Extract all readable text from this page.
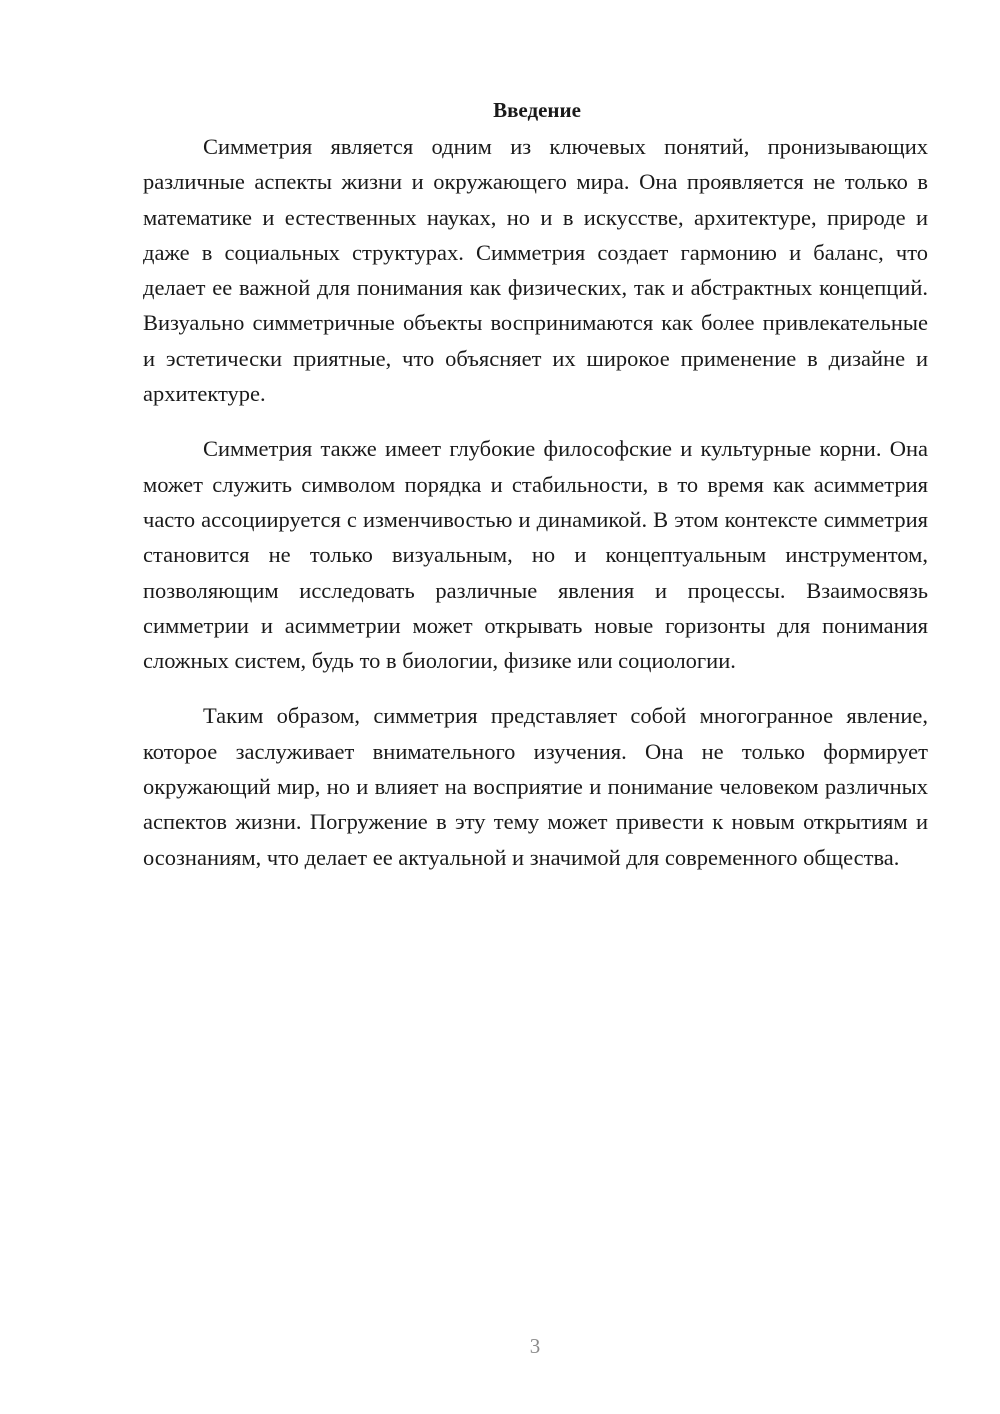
Введение

Симметрия является одним из ключевых понятий, пронизывающих различные аспекты жизни и окружающего мира. Она проявляется не только в математике и естественных науках, но и в искусстве, архитектуре, природе и даже в социальных структурах. Симметрия создает гармонию и баланс, что делает ее важной для понимания как физических, так и абстрактных концепций. Визуально симметричные объекты воспринимаются как более привлекательные и эстетически приятные, что объясняет их широкое применение в дизайне и архитектуре.

Симметрия также имеет глубокие философские и культурные корни. Она может служить символом порядка и стабильности, в то время как асимметрия часто ассоциируется с изменчивостью и динамикой. В этом контексте симметрия становится не только визуальным, но и концептуальным инструментом, позволяющим исследовать различные явления и процессы. Взаимосвязь симметрии и асимметрии может открывать новые горизонты для понимания сложных систем, будь то в биологии, физике или социологии.

Таким образом, симметрия представляет собой многогранное явление, которое заслуживает внимательного изучения. Она не только формирует окружающий мир, но и влияет на восприятие и понимание человеком различных аспектов жизни. Погружение в эту тему может привести к новым открытиям и осознаниям, что делает ее актуальной и значимой для современного общества.

3
